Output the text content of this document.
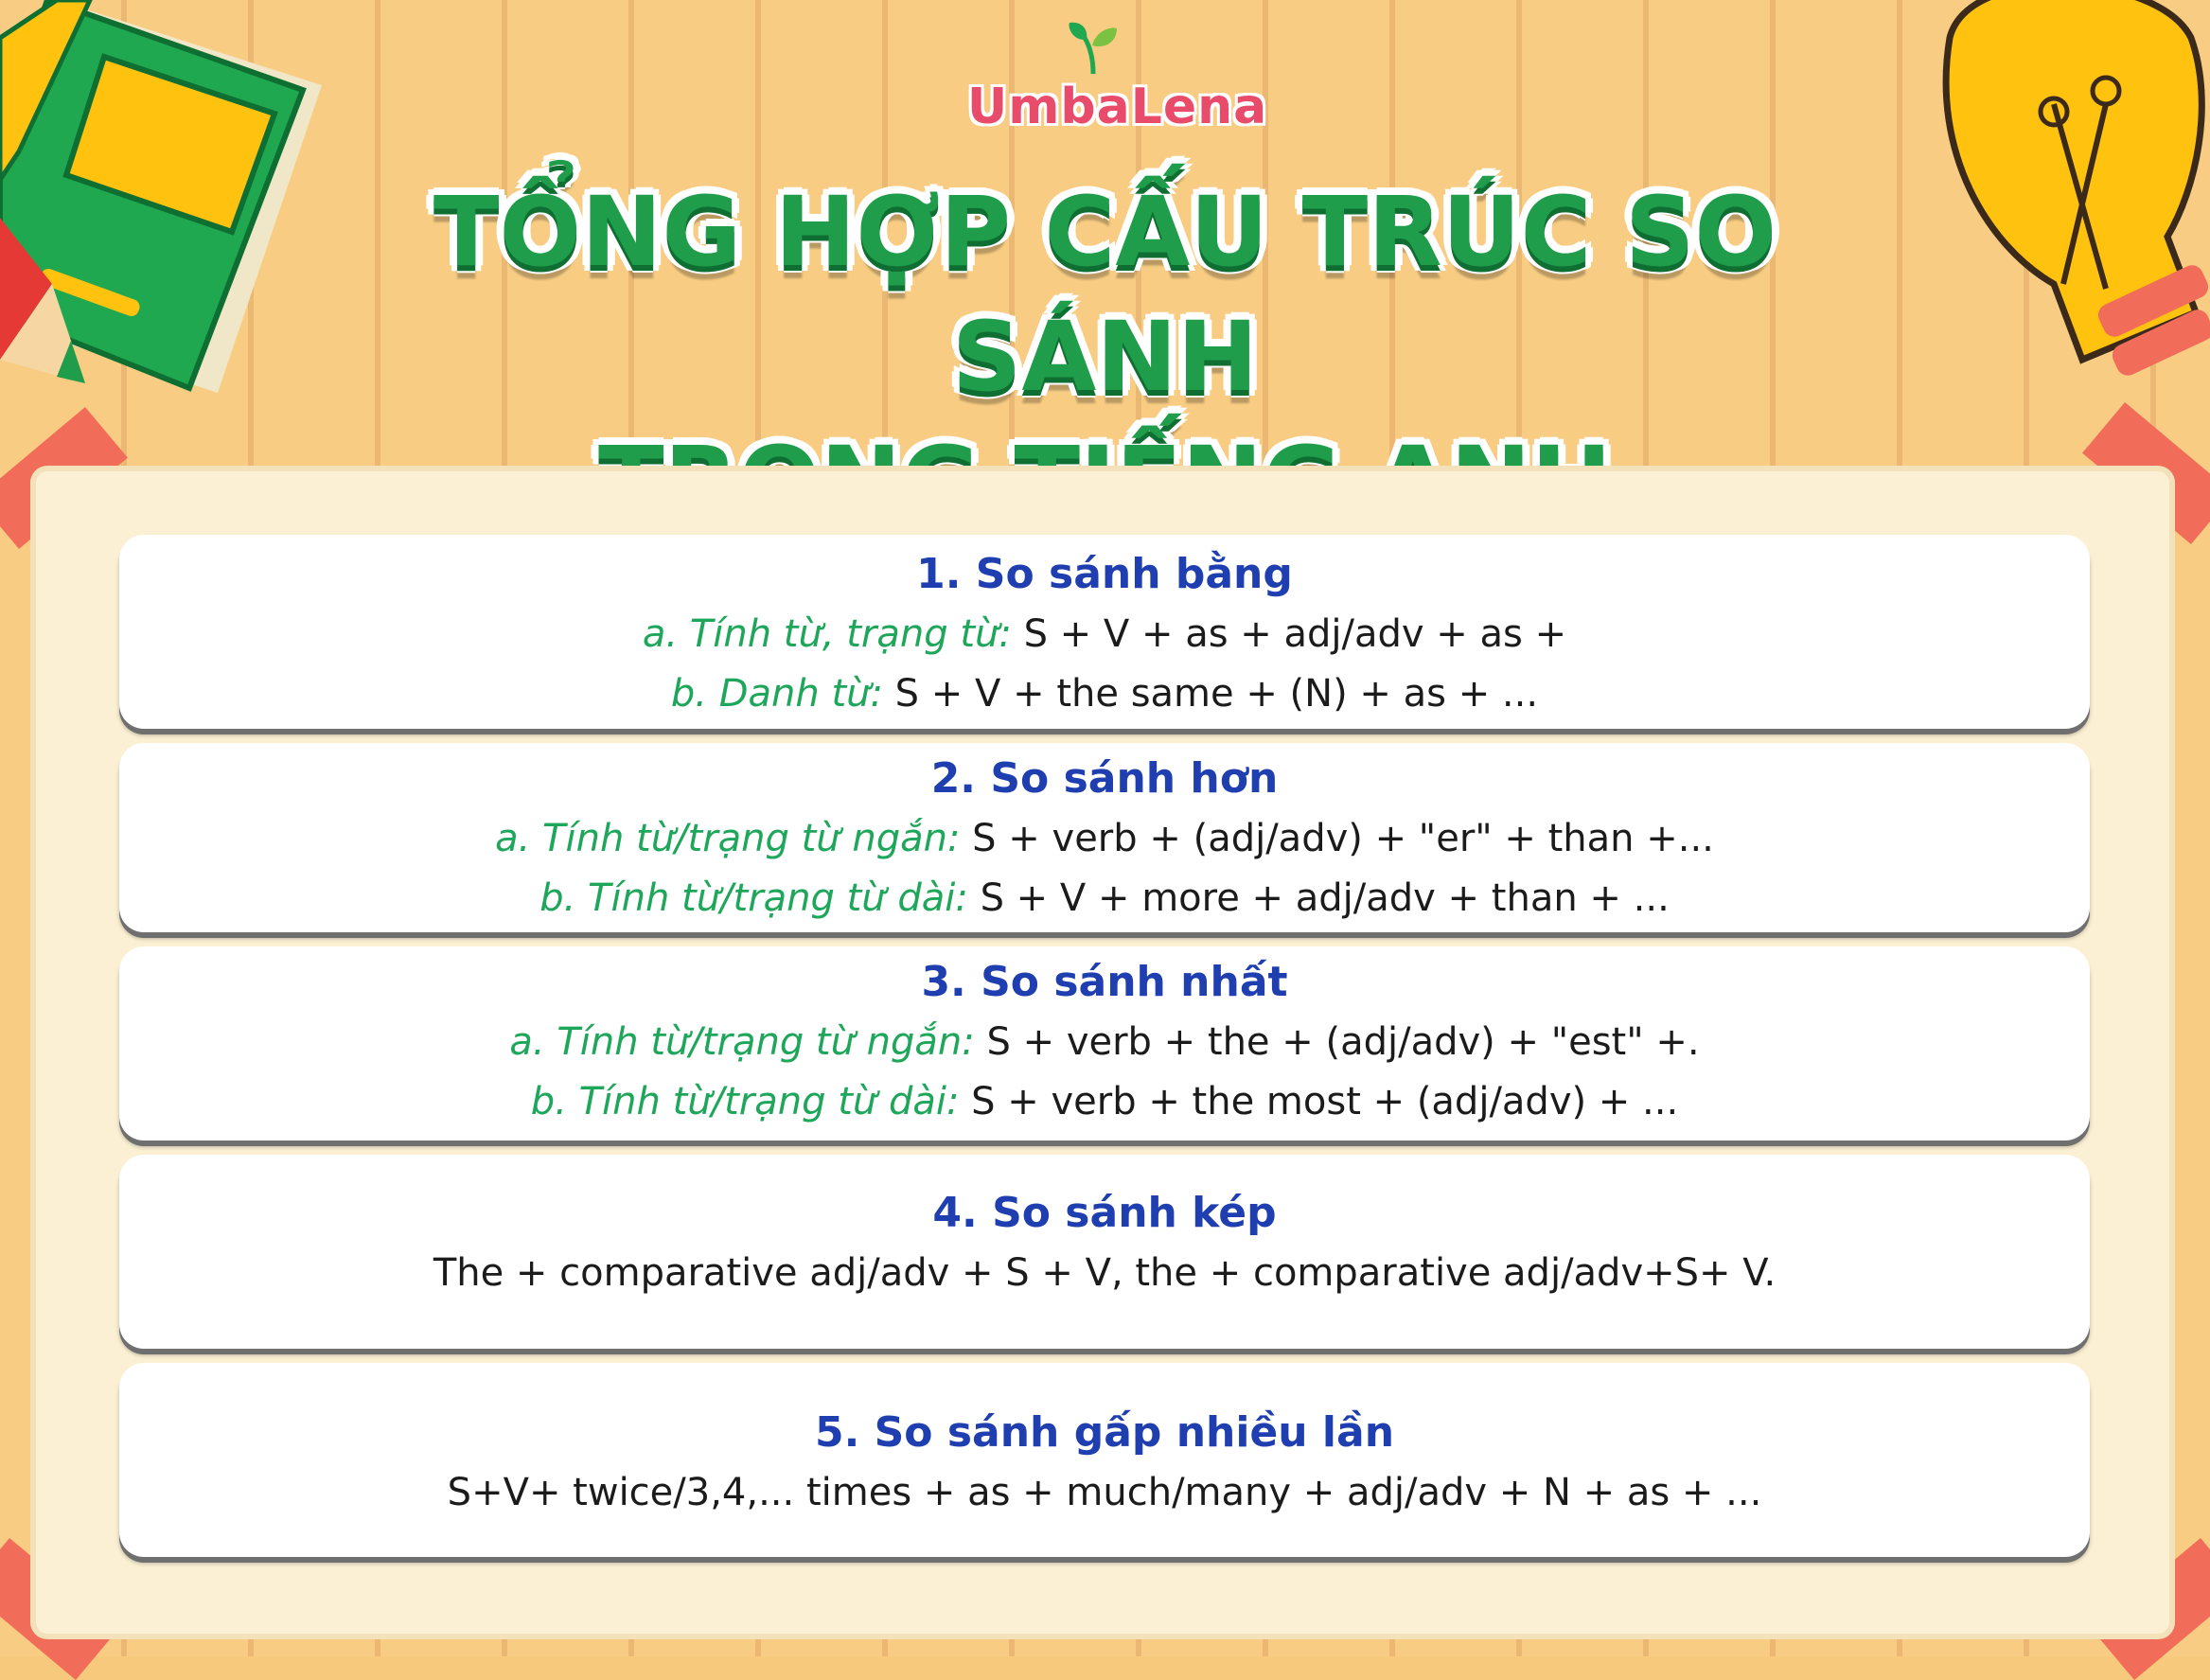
UmbaLena
TỔNG HỢP CẤU TRÚC SO SÁNH
1. So sánh bằng
a. Tính từ, trạng từ: S + V + as + adj/adv + as +
b. Danh từ: S + V + the same + (N) + as + ...
2. So sánh hơn
a. Tính từ/trạng từ ngắn: S + verb + (adj/adv) + "er" + than +...
b. Tính từ/trạng từ dài: S + V + more + adj/adv + than + ...
3. So sánh nhất
a. Tính từ/trạng từ ngắn: S + verb + the + (adj/adv) + "est" +.
b. Tính từ/trạng từ dài: S + verb + the most + (adj/adv) + ...
4. So sánh kép
The + comparative adj/adv + S + V, the + comparative adj/adv+S+ V.
5. So sánh gấp nhiều lần
S+V+ twice/3,4,... times + as + much/many + adj/adv + N + as + ...
